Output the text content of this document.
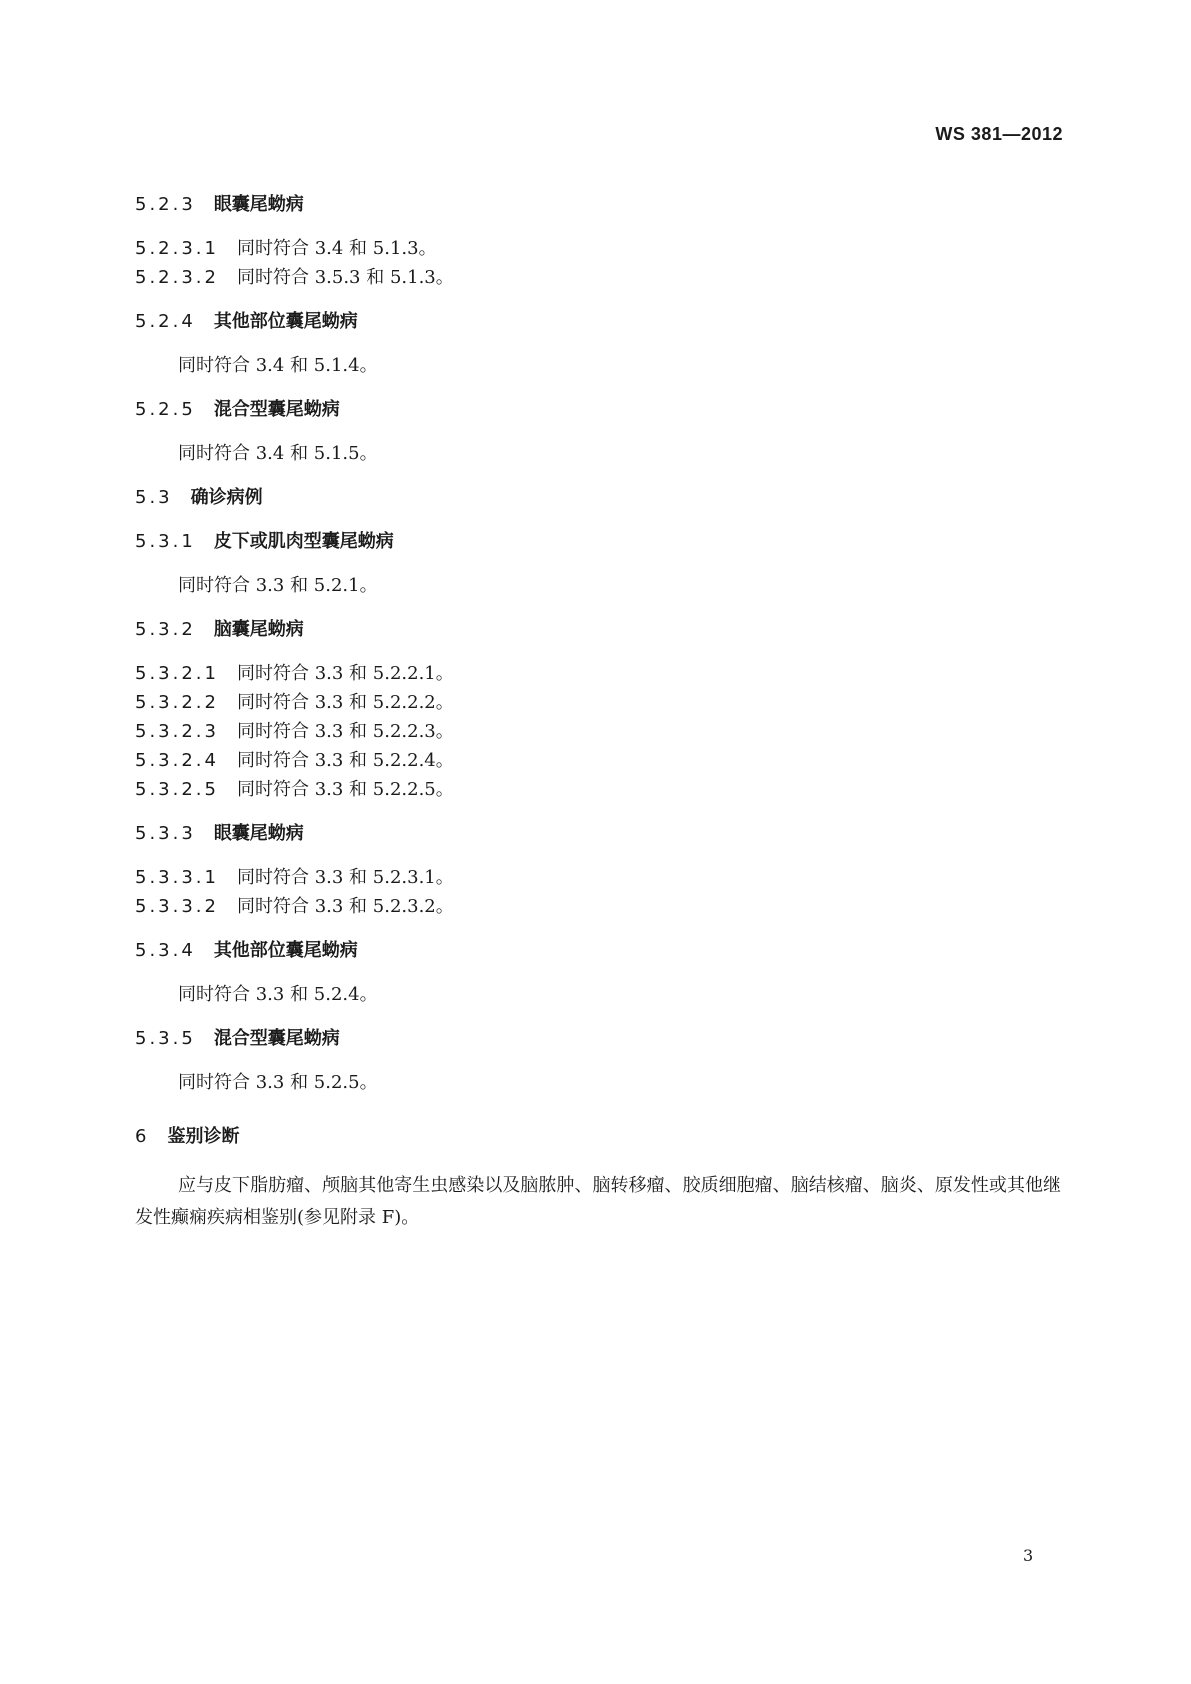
WS 381—2012
5.2.3 眼囊尾蚴病
5.2.3.1 同时符合 3.4 和 5.1.3。
5.2.3.2 同时符合 3.5.3 和 5.1.3。
5.2.4 其他部位囊尾蚴病
同时符合 3.4 和 5.1.4。
5.2.5 混合型囊尾蚴病
同时符合 3.4 和 5.1.5。
5.3 确诊病例
5.3.1 皮下或肌肉型囊尾蚴病
同时符合 3.3 和 5.2.1。
5.3.2 脑囊尾蚴病
5.3.2.1 同时符合 3.3 和 5.2.2.1。
5.3.2.2 同时符合 3.3 和 5.2.2.2。
5.3.2.3 同时符合 3.3 和 5.2.2.3。
5.3.2.4 同时符合 3.3 和 5.2.2.4。
5.3.2.5 同时符合 3.3 和 5.2.2.5。
5.3.3 眼囊尾蚴病
5.3.3.1 同时符合 3.3 和 5.2.3.1。
5.3.3.2 同时符合 3.3 和 5.2.3.2。
5.3.4 其他部位囊尾蚴病
同时符合 3.3 和 5.2.4。
5.3.5 混合型囊尾蚴病
同时符合 3.3 和 5.2.5。
6 鉴别诊断
应与皮下脂肪瘤、颅脑其他寄生虫感染以及脑脓肿、脑转移瘤、胶质细胞瘤、脑结核瘤、脑炎、原发性或其他继发性癫痫疾病相鉴别(参见附录 F)。
3
